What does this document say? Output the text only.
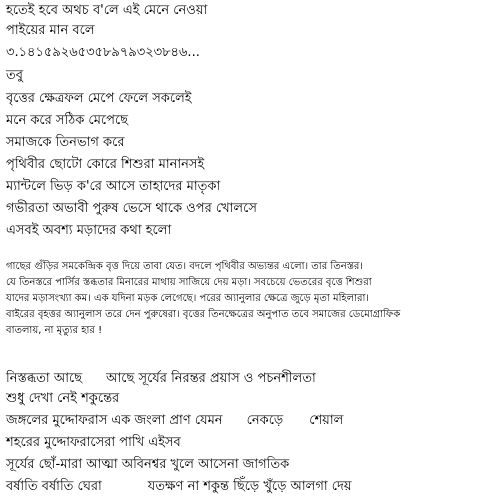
হতেই হবে অথচ ব'লে এই মেনে নেওয়া
পাইয়ের মান বলে
৩.১৪১৫৯২৬৫৩৫৮৯৭৯৩২৩৮৪৬...
তবু
বৃত্তের ক্ষেত্রফল মেপে ফেলে সকলেই
মনে করে সঠিক মেপেছে
সমাজকে তিনভাগ করে
পৃথিবীর ছোটো কোরে শিশুরা মানানসই
ম্যান্টলে ভিড় ক'রে আসে তাহাদের মাতৃকা
গভীরতা অভাবী পুরুষ ভেসে থাকে ওপর খোলসে
এসবই অবশ্য মড়াদের কথা হলো
গাছের গুঁড়ির সমকেন্দ্রিক বৃত্ত দিয়ে তাবা যেত। বদলে পৃথিবীর অভ্যন্তর এলো। তার তিনস্তর।
যে তিনস্তরে পার্সির স্তব্ধতার মিনারের মাথায় সাজিয়ে দেয় মড়া। সবচেয়ে ভেতরের বৃত্তে শিশুরা
যাদের মড়াসংখ্যা কম। এক যদিনা মড়ক লেগেছে। পরের অ্যানুলার ক্ষেত্রে জুড়ে মৃতা মহিলারা।
বাইরের বৃহত্তর অ্যানুলাস তরে দেন পুরুষেরা। বৃত্তের তিনক্ষেত্রের অনুপাত তবে সমাজের ডেমোগ্রাফিক
বাতলায়, না মৃত্যুর হার !
নিস্তব্ধতা আছে আছে সূর্যের নিরন্তর প্রয়াস ও পচনশীলতা
শুধু দেখা নেই শকুন্তের
জঙ্গলের মুদ্দোফরাস এক জংলা প্রাণ যেমন নেকড়ে শেয়াল
শহরের মুদ্দোফরাসেরা পাখি এইসব
সূর্যের ছোঁ-মারা আত্মা অবিনশ্বর খুলে আসেনা জাগতিক
বর্ষাতি বর্ষাতি ঘেরা	যতক্ষণ না শকুন্ত ছিঁড়ে খুঁড়ে আলগা দেয়
